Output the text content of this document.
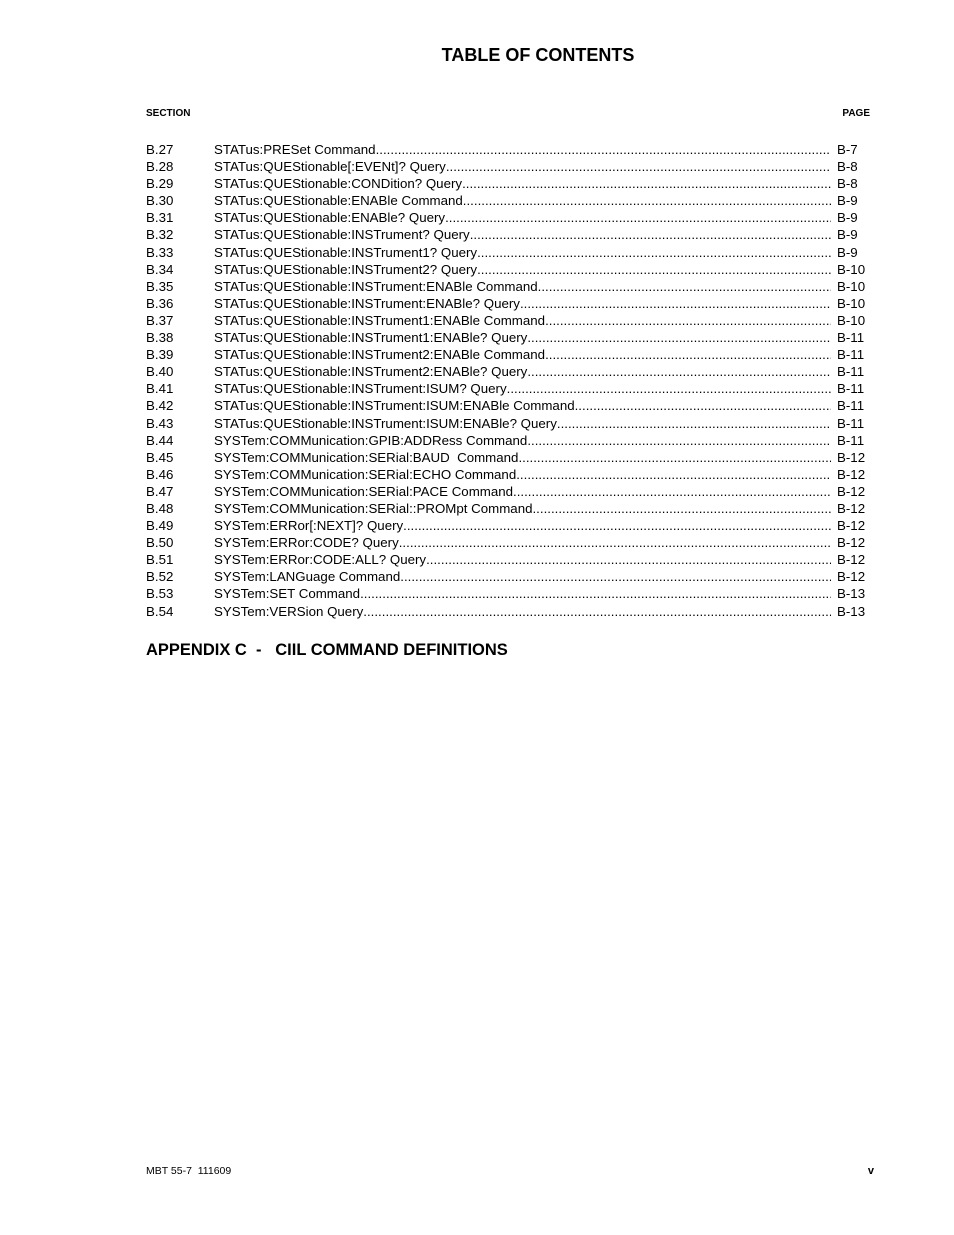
TABLE OF CONTENTS
SECTION	PAGE
B.27	STATus:PRESet Command .....	B-7
B.28	STATus:QUEStionable[:EVENt]? Query .....	B-8
B.29	STATus:QUEStionable:CONDition? Query .....	B-8
B.30	STATus:QUEStionable:ENABle Command .....	B-9
B.31	STATus:QUEStionable:ENABle? Query .....	B-9
B.32	STATus:QUEStionable:INSTrument? Query .....	B-9
B.33	STATus:QUEStionable:INSTrument1? Query .....	B-9
B.34	STATus:QUEStionable:INSTrument2? Query .....	B-10
B.35	STATus:QUEStionable:INSTrument:ENABle Command .....	B-10
B.36	STATus:QUEStionable:INSTrument:ENABle? Query .....	B-10
B.37	STATus:QUEStionable:INSTrument1:ENABle Command .....	B-10
B.38	STATus:QUEStionable:INSTrument1:ENABle? Query .....	B-11
B.39	STATus:QUEStionable:INSTrument2:ENABle Command .....	B-11
B.40	STATus:QUEStionable:INSTrument2:ENABle? Query .....	B-11
B.41	STATus:QUEStionable:INSTrument:ISUM? Query .....	B-11
B.42	STATus:QUEStionable:INSTrument:ISUM:ENABle Command .....	B-11
B.43	STATus:QUEStionable:INSTrument:ISUM:ENABle? Query .....	B-11
B.44	SYSTem:COMMunication:GPIB:ADDRess Command .....	B-11
B.45	SYSTem:COMMunication:SERial:BAUD  Command .....	B-12
B.46	SYSTem:COMMunication:SERial:ECHO Command .....	B-12
B.47	SYSTem:COMMunication:SERial:PACE Command .....	B-12
B.48	SYSTem:COMMunication:SERial::PROMpt Command .....	B-12
B.49	SYSTem:ERRor[:NEXT]? Query .....	B-12
B.50	SYSTem:ERRor:CODE? Query .....	B-12
B.51	SYSTem:ERRor:CODE:ALL? Query .....	B-12
B.52	SYSTem:LANGuage Command .....	B-12
B.53	SYSTem:SET Command .....	B-13
B.54	SYSTem:VERSion Query .....	B-13
APPENDIX C  -   CIIL COMMAND DEFINITIONS
MBT 55-7  111609	v
